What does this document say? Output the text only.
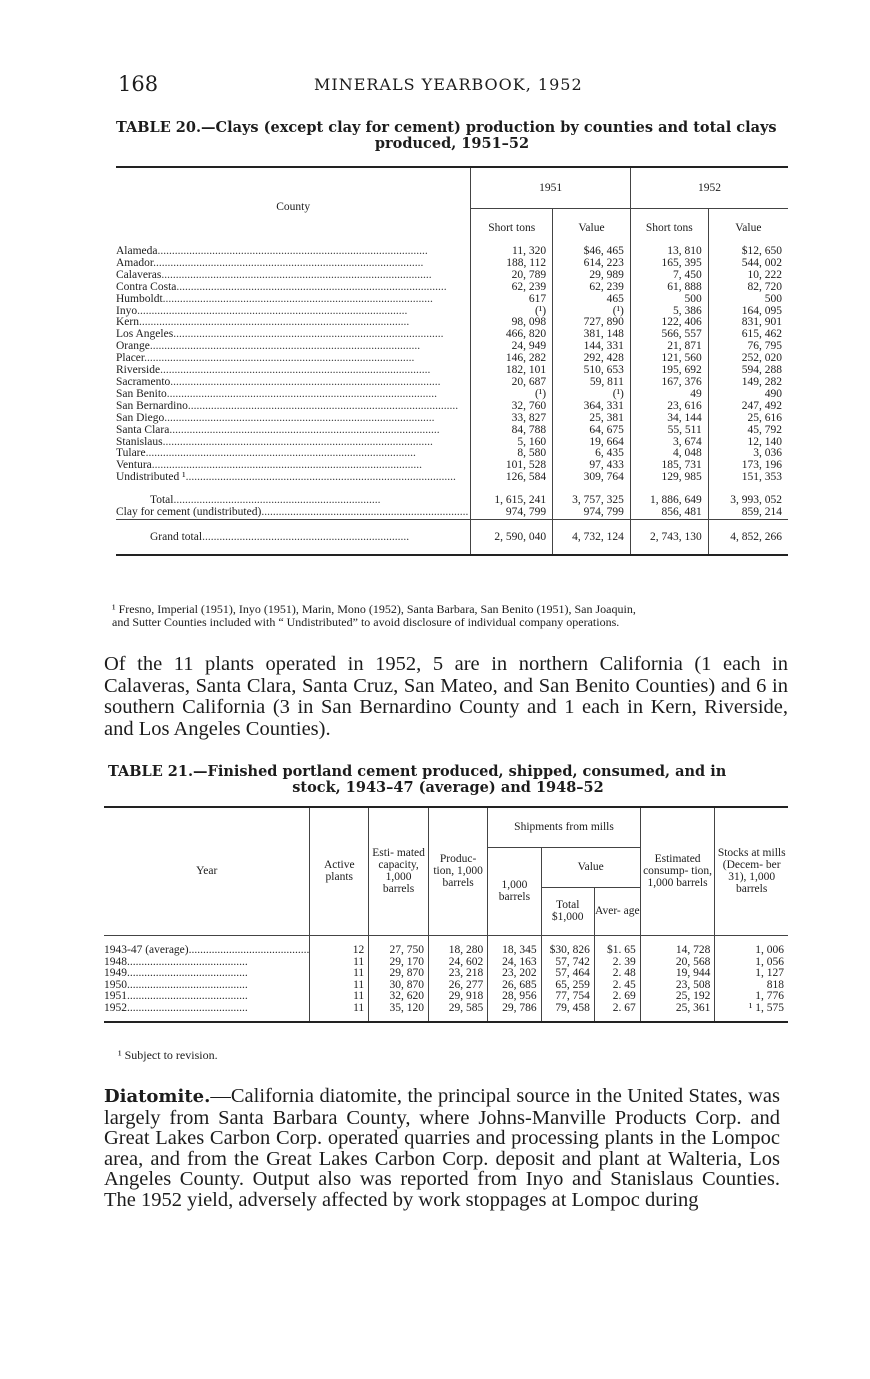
168	MINERALS YEARBOOK, 1952
TABLE 20.—Clays (except clay for cement) production by counties and total clays
produced, 1951–52
County	1951		1952	
	Short tons	Value	Short tons	Value
Alameda..............................................................................................	11, 320	$46, 465	13, 810	$12, 650
Amador..............................................................................................	188, 112	614, 223	165, 395	544, 002
Calaveras..............................................................................................	20, 789	29, 989	7, 450	10, 222
Contra Costa..............................................................................................	62, 239	62, 239	61, 888	82, 720
Humboldt..............................................................................................	617	465	500	500
Inyo..............................................................................................	(¹)	(¹)	5, 386	164, 095
Kern..............................................................................................	98, 098	727, 890	122, 406	831, 901
Los Angeles..............................................................................................	466, 820	381, 148	566, 557	615, 462
Orange..............................................................................................	24, 949	144, 331	21, 871	76, 795
Placer..............................................................................................	146, 282	292, 428	121, 560	252, 020
Riverside..............................................................................................	182, 101	510, 653	195, 692	594, 288
Sacramento..............................................................................................	20, 687	59, 811	167, 376	149, 282
San Benito..............................................................................................	(¹)	(¹)	49	490
San Bernardino..............................................................................................	32, 760	364, 331	23, 616	247, 492
San Diego..............................................................................................	33, 827	25, 381	34, 144	25, 616
Santa Clara..............................................................................................	84, 788	64, 675	55, 511	45, 792
Stanislaus..............................................................................................	5, 160	19, 664	3, 674	12, 140
Tulare..............................................................................................	8, 580	6, 435	4, 048	3, 036
Ventura..............................................................................................	101, 528	97, 433	185, 731	173, 196
Undistributed ¹..............................................................................................	126, 584	309, 764	129, 985	151, 353

Total........................................................................	1, 615, 241	3, 757, 325	1, 886, 649	3, 993, 052
Clay for cement (undistributed)........................................................................	974, 799	974, 799	856, 481	859, 214
Grand total........................................................................	2, 590, 040	4, 732, 124	2, 743, 130	4, 852, 266
¹ Fresno, Imperial (1951), Inyo (1951), Marin, Mono (1952), Santa Barbara, San Benito (1951), San Joaquin,
and Sutter Counties included with “ Undistributed” to avoid disclosure of individual company operations.
Of the 11 plants operated in 1952, 5 are in northern California (1 each in Calaveras, Santa Clara, Santa Cruz, San Mateo, and San Benito Counties) and 6 in southern California (3 in San Bernardino County and 1 each in Kern, Riverside, and Los Angeles Counties).
TABLE 21.—Finished portland cement produced, shipped, consumed, and in
stock, 1943–47 (average) and 1948–52
Year	Active plants	Esti- mated capacity, 1,000 barrels	Produc- tion, 1,000 barrels	Shipments from mills			Estimated consump- tion, 1,000 barrels	Stocks at mills (Decem- ber 31), 1,000 barrels
				1,000 barrels	Value			
					Total $1,000	Aver- age		

1943-47 (average)..........................................	12	27, 750	18, 280	18, 345	$30, 826	$1. 65	14, 728	1, 006
1948..........................................	11	29, 170	24, 602	24, 163	57, 742	2. 39	20, 568	1, 056
1949..........................................	11	29, 870	23, 218	23, 202	57, 464	2. 48	19, 944	1, 127
1950..........................................	11	30, 870	26, 277	26, 685	65, 259	2. 45	23, 508	818
1951..........................................	11	32, 620	29, 918	28, 956	77, 754	2. 69	25, 192	1, 776
1952..........................................	11	35, 120	29, 585	29, 786	79, 458	2. 67	25, 361	¹ 1, 575

¹ Subject to revision.
Diatomite.—California diatomite, the principal source in the United States, was largely from Santa Barbara County, where Johns-Manville Products Corp. and Great Lakes Carbon Corp. operated quarries and processing plants in the Lompoc area, and from the Great Lakes Carbon Corp. deposit and plant at Walteria, Los Angeles County. Output also was reported from Inyo and Stanislaus Counties. The 1952 yield, adversely affected by work stoppages at Lompoc during
